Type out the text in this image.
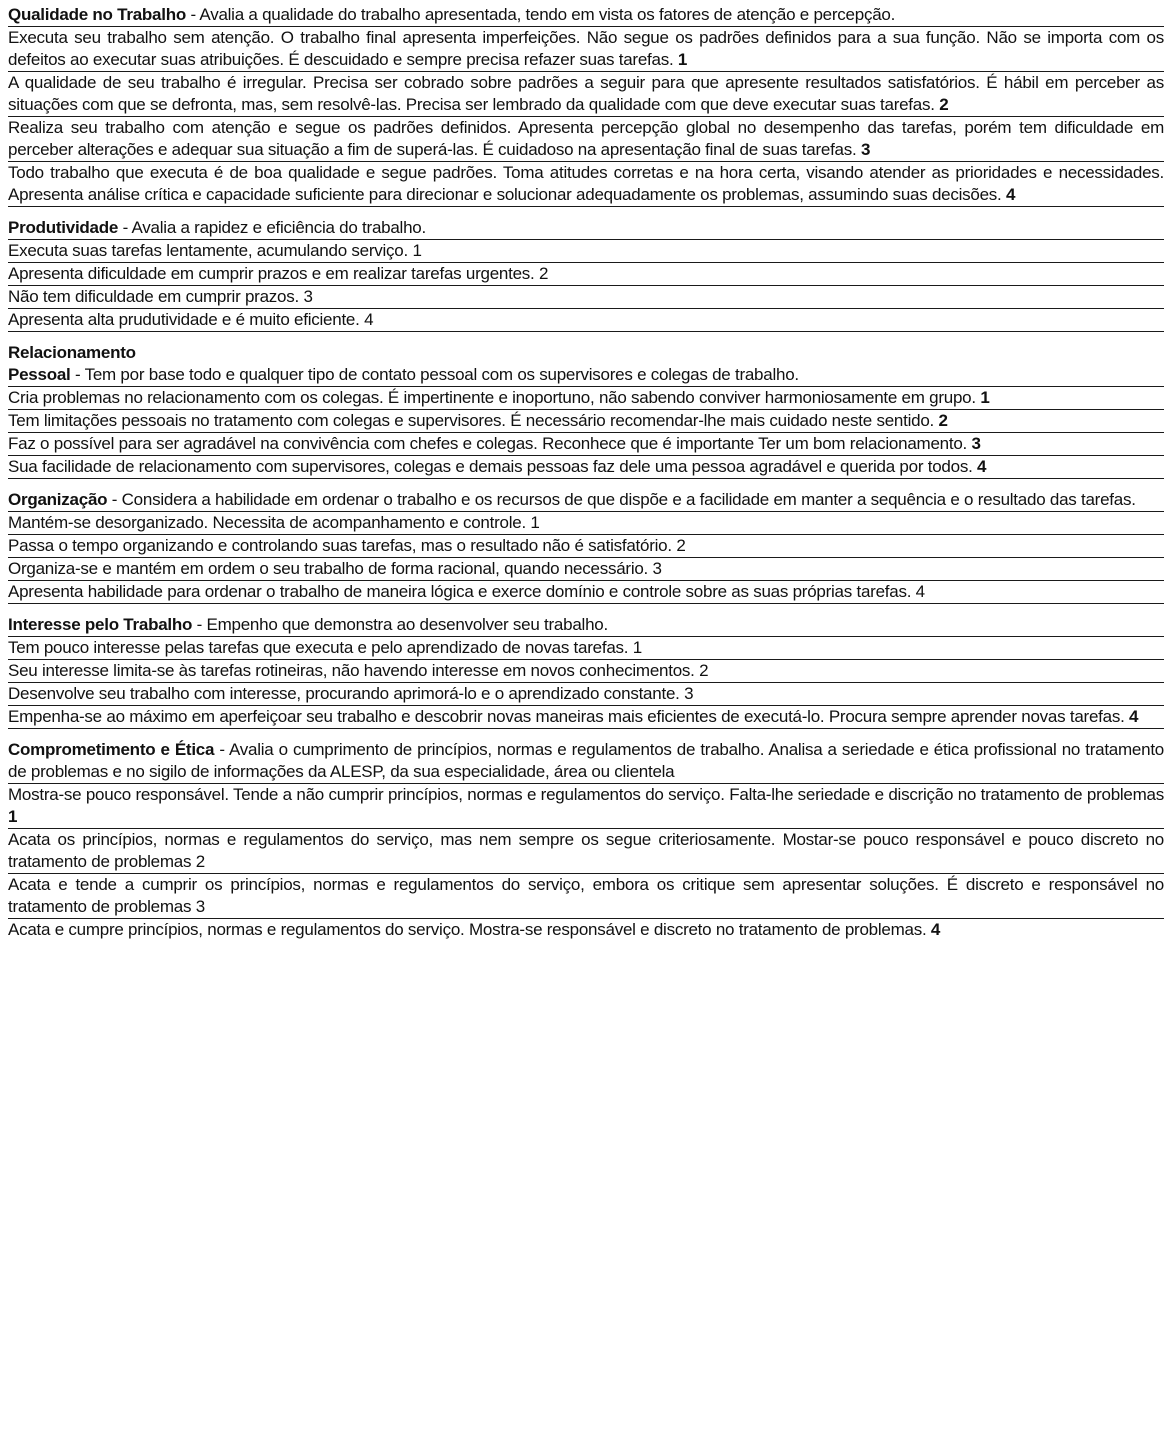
Qualidade no Trabalho - Avalia a qualidade do trabalho apresentada, tendo em vista os fatores de atenção e percepção.

Executa seu trabalho sem atenção. O trabalho final apresenta imperfeições. Não segue os padrões definidos para a sua função. Não se importa com os defeitos ao executar suas atribuições. É descuidado e sempre precisa refazer suas tarefas. 1

A qualidade de seu trabalho é irregular. Precisa ser cobrado sobre padrões a seguir para que apresente resultados satisfatórios. É hábil em perceber as situações com que se defronta, mas, sem resolvê-las. Precisa ser lembrado da qualidade com que deve executar suas tarefas. 2

Realiza seu trabalho com atenção e segue os padrões definidos. Apresenta percepção global no desempenho das tarefas, porém tem dificuldade em perceber alterações e adequar sua situação a fim de superá-las. É cuidadoso na apresentação final de suas tarefas. 3

Todo trabalho que executa é de boa qualidade e segue padrões. Toma atitudes corretas e na hora certa, visando atender as prioridades e necessidades. Apresenta análise crítica e capacidade suficiente para direcionar e solucionar adequadamente os problemas, assumindo suas decisões. 4

Produtividade - Avalia a rapidez e eficiência do trabalho.

Executa suas tarefas lentamente, acumulando serviço. 1

Apresenta dificuldade em cumprir prazos e em realizar tarefas urgentes. 2

Não tem dificuldade em cumprir prazos. 3

Apresenta alta prudutividade e é muito eficiente. 4

Relacionamento

Pessoal - Tem por base todo e qualquer tipo de contato pessoal com os supervisores e colegas de trabalho.

Cria problemas no relacionamento com os colegas. É impertinente e inoportuno, não sabendo conviver harmoniosamente em grupo. 1

Tem limitações pessoais no tratamento com colegas e supervisores. É necessário recomendar-lhe mais cuidado neste sentido. 2

Faz o possível para ser agradável na convivência com chefes e colegas. Reconhece que é importante Ter um bom relacionamento. 3

Sua facilidade de relacionamento com supervisores, colegas e demais pessoas faz dele uma pessoa agradável e querida por todos. 4

Organização - Considera a habilidade em ordenar o trabalho e os recursos de que dispõe e a facilidade em manter a sequência e o resultado das tarefas.

Mantém-se desorganizado. Necessita de acompanhamento e controle. 1

Passa o tempo organizando e controlando suas tarefas, mas o resultado não é satisfatório. 2

Organiza-se e mantém em ordem o seu trabalho de forma racional, quando necessário. 3

Apresenta habilidade para ordenar o trabalho de maneira lógica e exerce domínio e controle sobre as suas próprias tarefas. 4

Interesse pelo Trabalho - Empenho que demonstra ao desenvolver seu trabalho.

Tem pouco interesse pelas tarefas que executa e pelo aprendizado de novas tarefas. 1

Seu interesse limita-se às tarefas rotineiras, não havendo interesse em novos conhecimentos. 2

Desenvolve seu trabalho com interesse, procurando aprimorá-lo e o aprendizado constante. 3

Empenha-se ao máximo em aperfeiçoar seu trabalho e descobrir novas maneiras mais eficientes de executá-lo. Procura sempre aprender novas tarefas. 4

Comprometimento e Ética - Avalia o cumprimento de princípios, normas e regulamentos de trabalho. Analisa a seriedade e ética profissional no tratamento de problemas e no sigilo de informações da ALESP, da sua especialidade, área ou clientela

Mostra-se pouco responsável. Tende a não cumprir princípios, normas e regulamentos do serviço. Falta-lhe seriedade e discrição no tratamento de problemas 1

Acata os princípios, normas e regulamentos do serviço, mas nem sempre os segue criteriosamente. Mostar-se pouco responsável e pouco discreto no tratamento de problemas 2

Acata e tende a cumprir os princípios, normas e regulamentos do serviço, embora os critique sem apresentar soluções. É discreto e responsável no tratamento de problemas 3

Acata e cumpre princípios, normas e regulamentos do serviço. Mostra-se responsável e discreto no tratamento de problemas. 4
